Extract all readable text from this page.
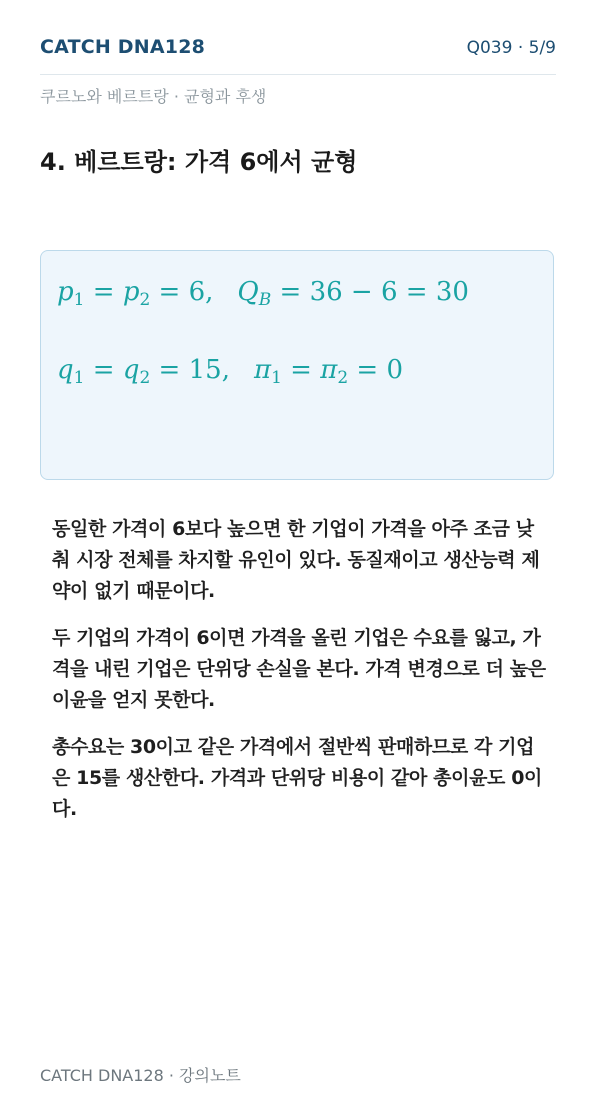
CATCH DNA128	Q039 · 5/9
쿠르노와 베르트랑 · 균형과 후생
4. 베르트랑: 가격 6에서 균형
$p_1 = p_2 = 6$, $Q_B = 36 - 6 = 30$
$q_1 = q_2 = 15$, $\pi_1 = \pi_2 = 0$
동일한 가격이 6보다 높으면 한 기업이 가격을 아주 조금 낮춰 시장 전체를 차지할 유인이 있다. 동질재이고 생산능력 제약이 없기 때문이다.
두 기업의 가격이 6이면 가격을 올린 기업은 수요를 잃고, 가격을 내린 기업은 단위당 손실을 본다. 가격 변경으로 더 높은 이윤을 얻지 못한다.
총수요는 30이고 같은 가격에서 절반씩 판매하므로 각 기업은 15를 생산한다. 가격과 단위당 비용이 같아 총이윤도 0이다.
CATCH DNA128 · 강의노트
